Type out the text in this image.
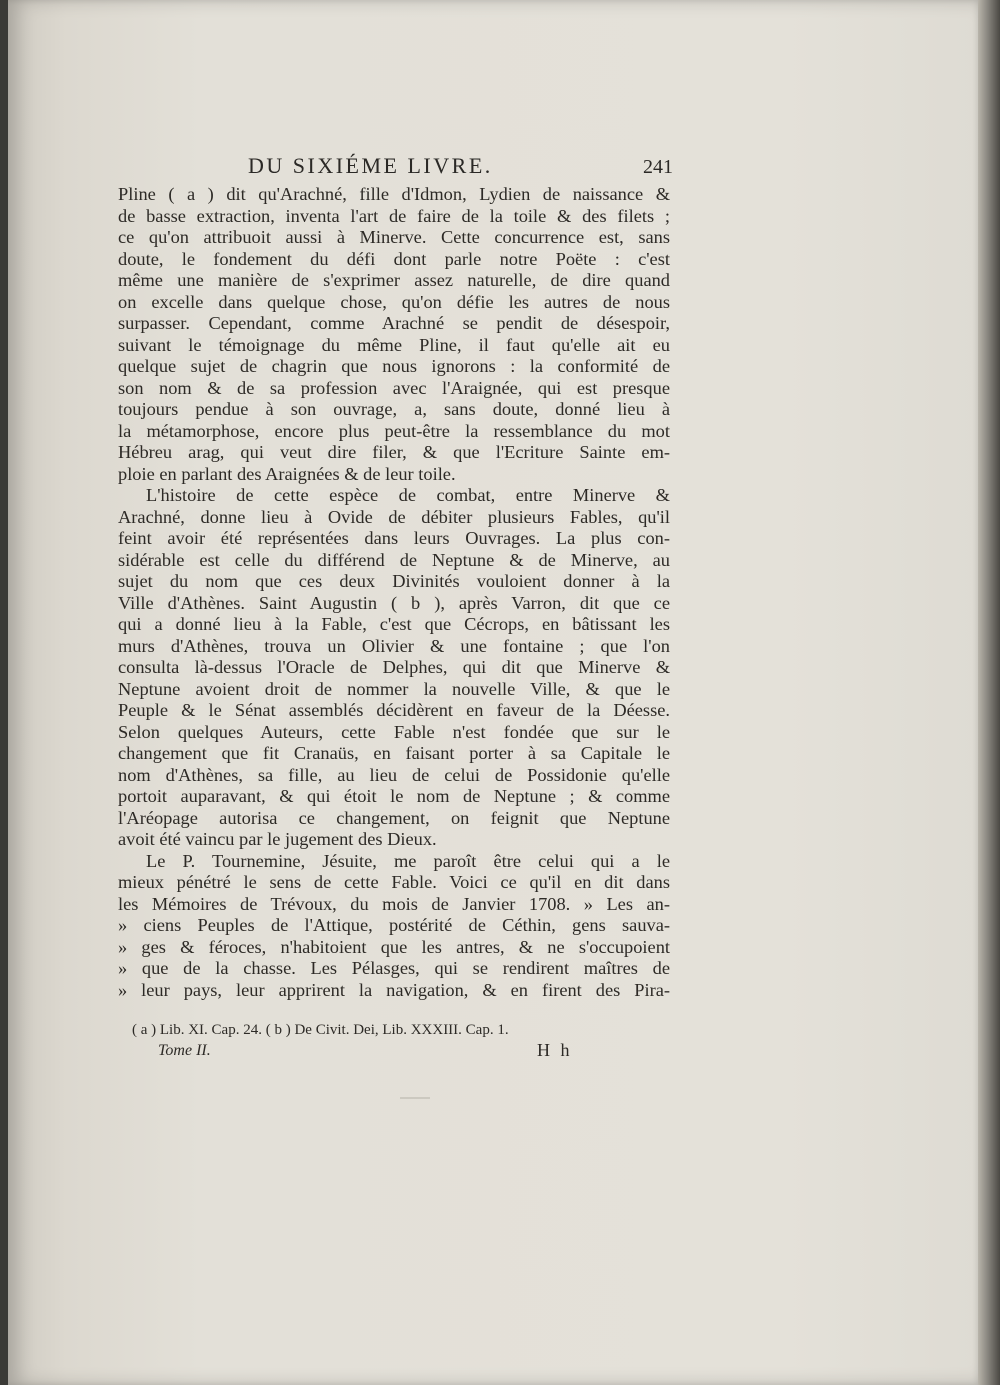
DU SIXIÉME LIVRE.	241
Pline ( a ) dit qu'Arachné, fille d'Idmon, Lydien de naissance &
de basse extraction, inventa l'art de faire de la toile & des filets ;
ce qu'on attribuoit aussi à Minerve. Cette concurrence est, sans
doute, le fondement du défi dont parle notre Poëte : c'est
même une manière de s'exprimer assez naturelle, de dire quand
on excelle dans quelque chose, qu'on défie les autres de nous
surpasser. Cependant, comme Arachné se pendit de désespoir,
suivant le témoignage du même Pline, il faut qu'elle ait eu
quelque sujet de chagrin que nous ignorons : la conformité de
son nom & de sa profession avec l'Araignée, qui est presque
toujours pendue à son ouvrage, a, sans doute, donné lieu à
la métamorphose, encore plus peut-être la ressemblance du mot
Hébreu arag, qui veut dire filer, & que l'Ecriture Sainte em-
ploie en parlant des Araignées & de leur toile.
L'histoire de cette espèce de combat, entre Minerve &
Arachné, donne lieu à Ovide de débiter plusieurs Fables, qu'il
feint avoir été représentées dans leurs Ouvrages. La plus con-
sidérable est celle du différend de Neptune & de Minerve, au
sujet du nom que ces deux Divinités vouloient donner à la
Ville d'Athènes. Saint Augustin ( b ), après Varron, dit que ce
qui a donné lieu à la Fable, c'est que Cécrops, en bâtissant les
murs d'Athènes, trouva un Olivier & une fontaine ; que l'on
consulta là-dessus l'Oracle de Delphes, qui dit que Minerve &
Neptune avoient droit de nommer la nouvelle Ville, & que le
Peuple & le Sénat assemblés décidèrent en faveur de la Déesse.
Selon quelques Auteurs, cette Fable n'est fondée que sur le
changement que fit Cranaüs, en faisant porter à sa Capitale le
nom d'Athènes, sa fille, au lieu de celui de Possidonie qu'elle
portoit auparavant, & qui étoit le nom de Neptune ; & comme
l'Aréopage autorisa ce changement, on feignit que Neptune
avoit été vaincu par le jugement des Dieux.
Le P. Tournemine, Jésuite, me paroît être celui qui a le
mieux pénétré le sens de cette Fable. Voici ce qu'il en dit dans
les Mémoires de Trévoux, du mois de Janvier 1708. » Les an-
» ciens Peuples de l'Attique, postérité de Céthin, gens sauva-
» ges & féroces, n'habitoient que les antres, & ne s'occupoient
» que de la chasse. Les Pélasges, qui se rendirent maîtres de
» leur pays, leur apprirent la navigation, & en firent des Pira-
( a ) Lib. XI. Cap. 24. ( b ) De Civit. Dei, Lib. XXXIII. Cap. 1.
Tome II.	H h
